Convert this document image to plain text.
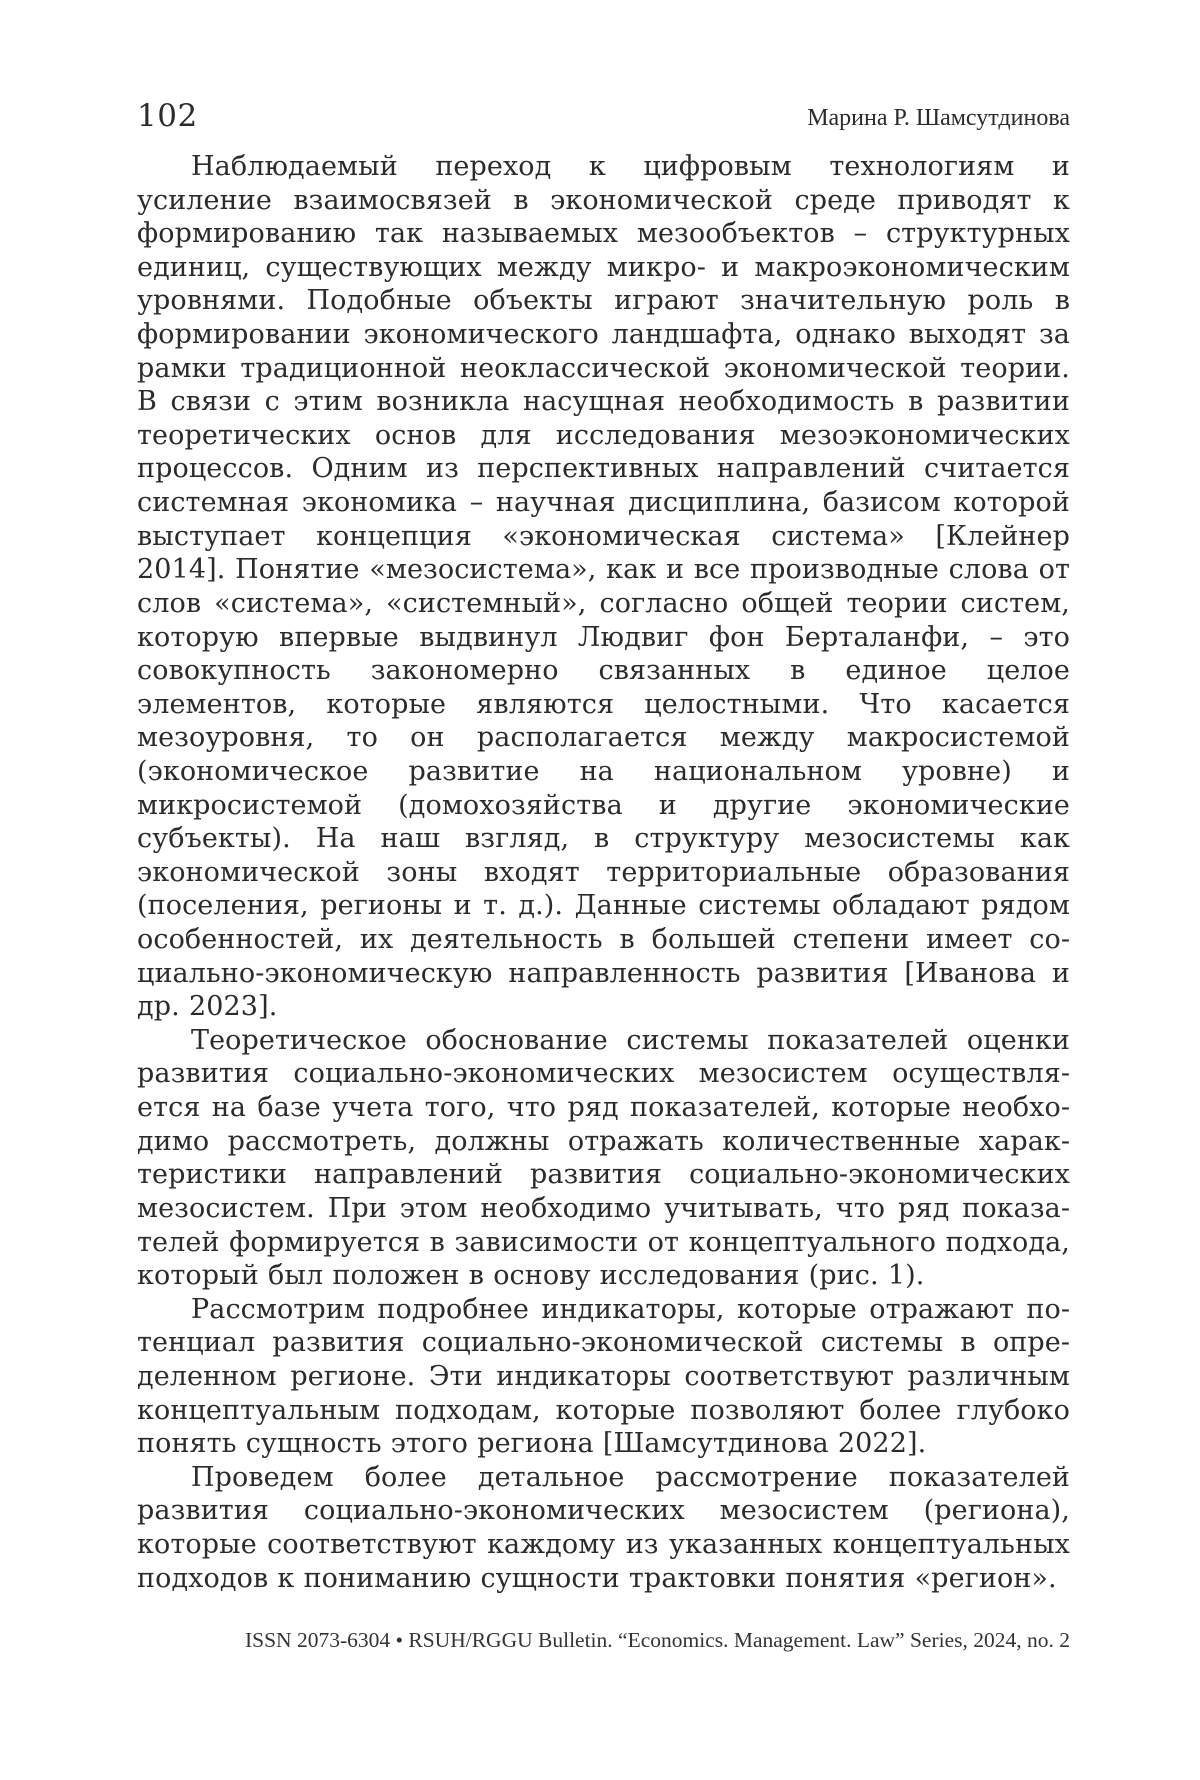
102	Марина Р. Шамсутдинова

Наблюдаемый переход к цифровым технологиям и усиление взаимосвязей в экономической среде приводят к формирова­нию так называемых мезообъектов – структурных единиц, су­ществующих между микро- и макроэкономическим уровнями. Подобные объекты играют значительную роль в формирова­нии экономического ландшафта, однако выходят за рамки тра­диционной неоклассической экономической теории. В связи с этим возникла насущная необходимость в развитии теорети­ческих основ для исследования мезоэкономических процессов. Одним из перспективных направлений считается системная экономика – научная дисциплина, базисом которой выступает концепция «экономическая система» [Клейнер 2014]. Понятие «мезосистема», как и все производные слова от слов «система», «системный», согласно общей теории систем, которую впервые выдвинул Людвиг фон Берталанфи, – это совокупность зако­номерно связанных в единое целое элементов, которые являют­ся целостными. Что касается мезоуровня, то он располагается между макросистемой (экономическое развитие на националь­ном уровне) и микросистемой (домохозяйства и другие эконо­мические субъекты). На наш взгляд, в структуру мезосистемы как экономической зоны входят территориальные образования (поселения, регионы и т. д.). Данные системы обладают рядом особенностей, их деятельность в большей степени имеет со­циально-экономическую направленность развития [Иванова и др. 2023].

Теоретическое обоснование системы показателей оценки развития социально-экономических мезосистем осуществля­ется на базе учета того, что ряд показателей, которые необхо­димо рассмотреть, должны отражать количественные харак­теристики направлений развития социально-экономических мезосистем. При этом необходимо учитывать, что ряд показа­телей формируется в зависимости от концептуального подхода, который был положен в основу исследования (рис. 1).

Рассмотрим подробнее индикаторы, которые отражают по­тенциал развития социально-экономической системы в опре­деленном регионе. Эти индикаторы соответствуют различным концептуальным подходам, которые позволяют более глубоко понять сущность этого региона [Шамсутдинова 2022].

Проведем более детальное рассмотрение показателей развития социально-экономических мезосистем (региона), которые соответствуют каждому из указанных концепту­альных подходов к пониманию сущности трактовки понятия «регион».

ISSN 2073-6304 • RSUH/RGGU Bulletin. “Economics. Management. Law” Series, 2024, no. 2
